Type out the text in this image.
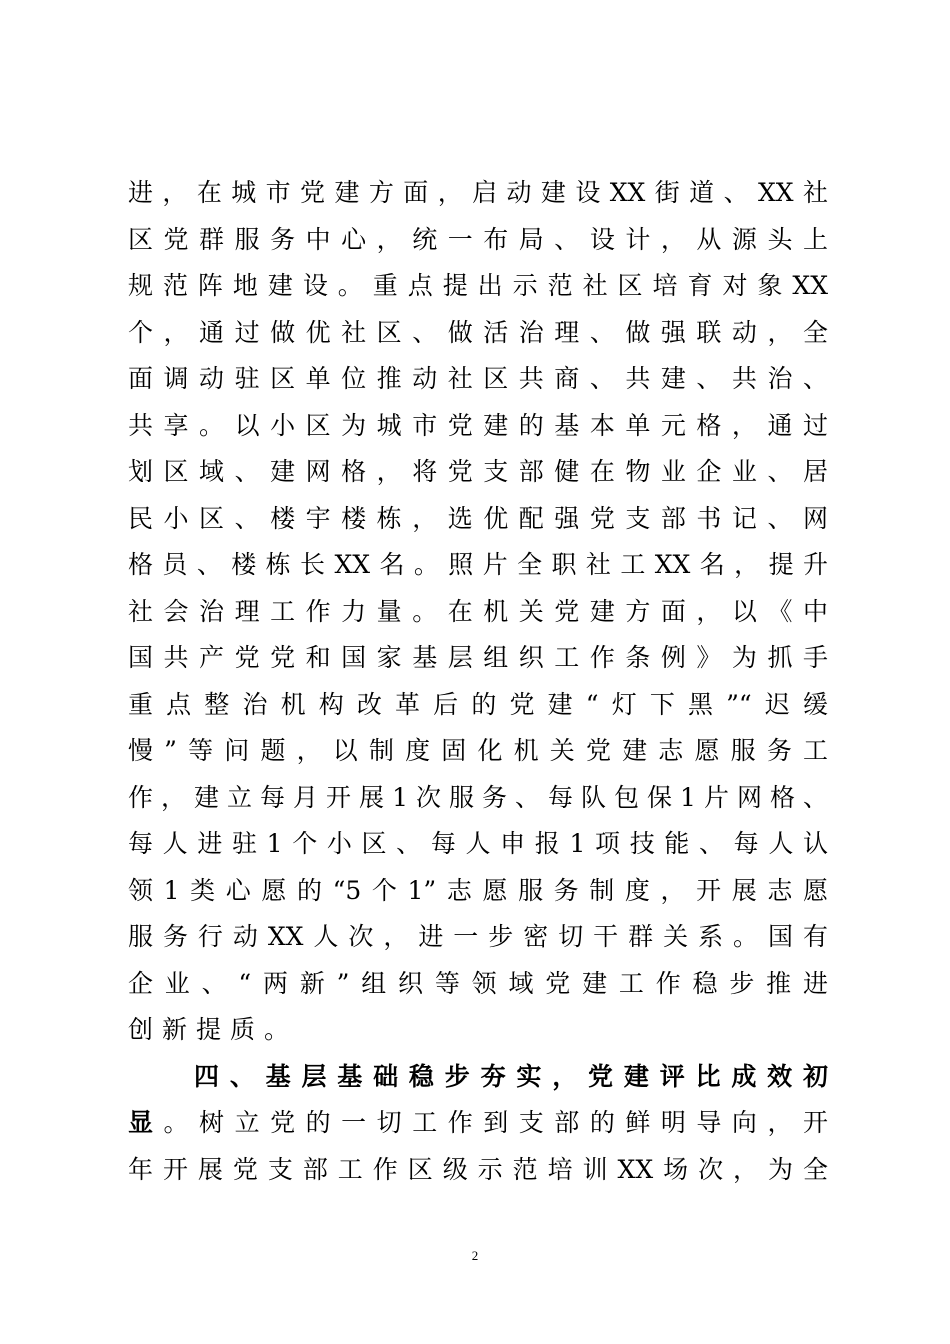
进，在城市党建方面，启动建设XX街道、XX社
区党群服务中心，统一布局、设计，从源头上
规范阵地建设。重点提出示范社区培育对象XX
个，通过做优社区、做活治理、做强联动，全
面调动驻区单位推动社区共商、共建、共治、
共享。以小区为城市党建的基本单元格，通过
划区域、建网格，将党支部健在物业企业、居
民小区、楼宇楼栋，选优配强党支部书记、网
格员、楼栋长XX名。照片全职社工XX名，提升
社会治理工作力量。在机关党建方面，以《中
国共产党党和国家基层组织工作条例》为抓手
重点整治机构改革后的党建“灯下黑”“迟缓
慢”等问题，以制度固化机关党建志愿服务工
作，建立每月开展1次服务、每队包保1片网格、
每人进驻1个小区、每人申报1项技能、每人认
领1类心愿的“5个1”志愿服务制度，开展志愿
服务行动XX人次，进一步密切干群关系。国有
企业、“两新”组织等领域党建工作稳步推进
创新提质。
四、基层基础稳步夯实，党建评比成效初
显。树立党的一切工作到支部的鲜明导向，开
年开展党支部工作区级示范培训XX场次，为全
2
